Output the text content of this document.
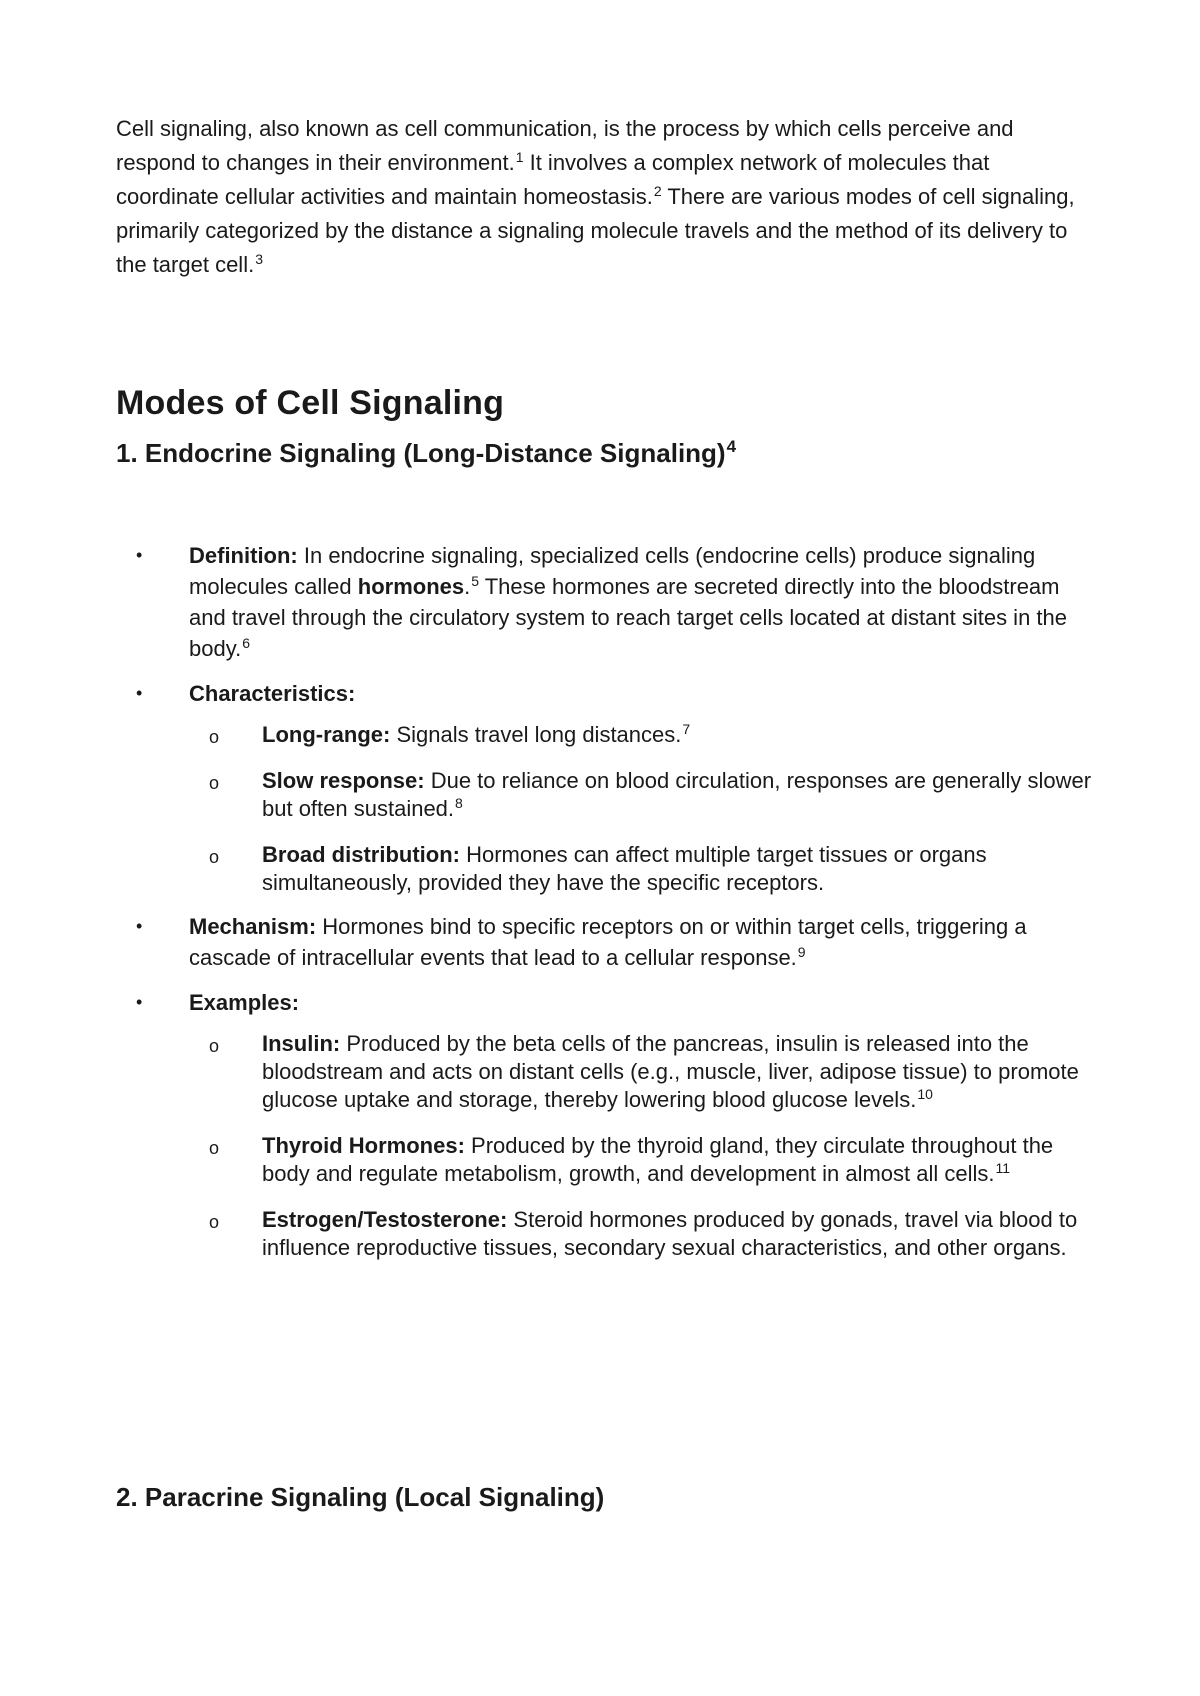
Cell signaling, also known as cell communication, is the process by which cells perceive and respond to changes in their environment.$^1$ It involves a complex network of molecules that coordinate cellular activities and maintain homeostasis.$^2$ There are various modes of cell signaling, primarily categorized by the distance a signaling molecule travels and the method of its delivery to the target cell.$^3$

Modes of Cell Signaling
1. Endocrine Signaling (Long-Distance Signaling)$^4$
• Definition: In endocrine signaling, specialized cells (endocrine cells) produce signaling molecules called hormones.$^5$ These hormones are secreted directly into the bloodstream and travel through the circulatory system to reach target cells located at distant sites in the body.$^6$
• Characteristics:
o Long-range: Signals travel long distances.$^7$
o Slow response: Due to reliance on blood circulation, responses are generally slower but often sustained.$^8$
o Broad distribution: Hormones can affect multiple target tissues or organs simultaneously, provided they have the specific receptors.
• Mechanism: Hormones bind to specific receptors on or within target cells, triggering a cascade of intracellular events that lead to a cellular response.$^9$
• Examples:
o Insulin: Produced by the beta cells of the pancreas, insulin is released into the bloodstream and acts on distant cells (e.g., muscle, liver, adipose tissue) to promote glucose uptake and storage, thereby lowering blood glucose levels.$^{10}$
o Thyroid Hormones: Produced by the thyroid gland, they circulate throughout the body and regulate metabolism, growth, and development in almost all cells.$^{11}$
o Estrogen/Testosterone: Steroid hormones produced by gonads, travel via blood to influence reproductive tissues, secondary sexual characteristics, and other organs.
2. Paracrine Signaling (Local Signaling)
